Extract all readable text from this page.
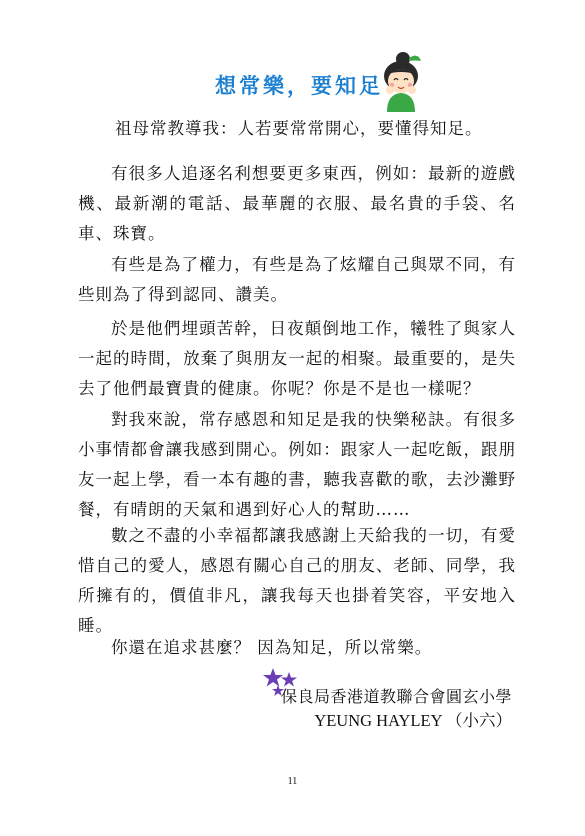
想常樂，要知足

祖母常教導我：人若要常常開心，要懂得知足。

有很多人追逐名利想要更多東西，例如：最新的遊戲機、最新潮的電話、最華麗的衣服、最名貴的手袋、名車、珠寶。

有些是為了權力，有些是為了炫耀自己與眾不同，有些則為了得到認同、讚美。

於是他們埋頭苦幹，日夜顛倒地工作，犧牲了與家人一起的時間，放棄了與朋友一起的相聚。最重要的，是失去了他們最寶貴的健康。你呢？你是不是也一樣呢？

對我來說，常存感恩和知足是我的快樂秘訣。有很多小事情都會讓我感到開心。例如：跟家人一起吃飯，跟朋友一起上學，看一本有趣的書，聽我喜歡的歌，去沙灘野餐，有晴朗的天氣和遇到好心人的幫助……

數之不盡的小幸福都讓我感謝上天給我的一切，有愛惜自己的愛人，感恩有關心自己的朋友、老師、同學，我所擁有的，價值非凡，讓我每天也掛着笑容，平安地入睡。

你還在追求甚麼？ 因為知足，所以常樂。

保良局香港道教聯合會圓玄小學
YEUNG HAYLEY （小六）
11
